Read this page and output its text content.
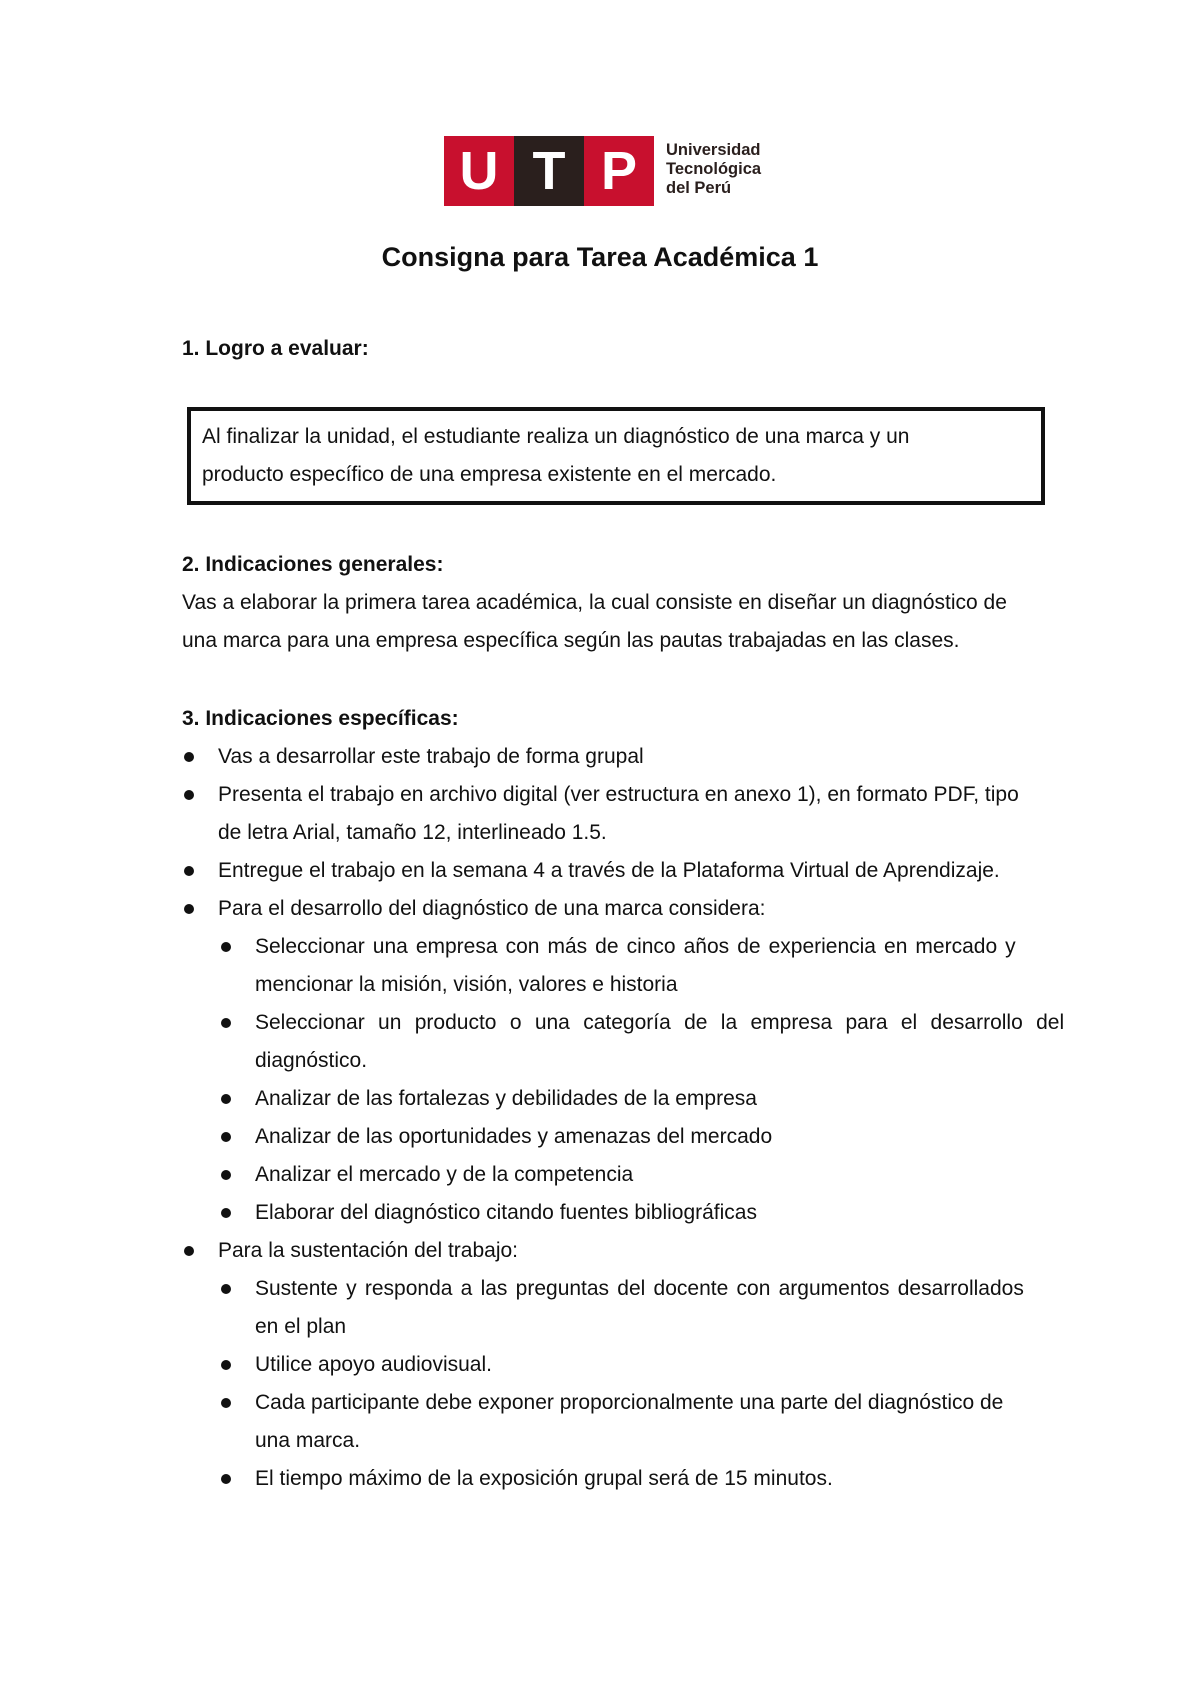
U T P	Universidad
Tecnológica
del Perú
Consigna para Tarea Académica 1
1. Logro a evaluar:
Al finalizar la unidad, el estudiante realiza un diagnóstico de una marca y un
producto específico de una empresa existente en el mercado.
2. Indicaciones generales:
Vas a elaborar la primera tarea académica, la cual consiste en diseñar un diagnóstico de
una marca para una empresa específica según las pautas trabajadas en las clases.
3. Indicaciones específicas:
Vas a desarrollar este trabajo de forma grupal
Presenta el trabajo en archivo digital (ver estructura en anexo 1), en formato PDF, tipo
de letra Arial, tamaño 12, interlineado 1.5.
Entregue el trabajo en la semana 4 a través de la Plataforma Virtual de Aprendizaje.
Para el desarrollo del diagnóstico de una marca considera:
Seleccionar una empresa con más de cinco años de experiencia en mercado y
mencionar la misión, visión, valores e historia
Seleccionar un producto o una categoría de la empresa para el desarrollo del
diagnóstico.
Analizar de las fortalezas y debilidades de la empresa
Analizar de las oportunidades y amenazas del mercado
Analizar el mercado y de la competencia
Elaborar del diagnóstico citando fuentes bibliográficas
Para la sustentación del trabajo:
Sustente y responda a las preguntas del docente con argumentos desarrollados
en el plan
Utilice apoyo audiovisual.
Cada participante debe exponer proporcionalmente una parte del diagnóstico de
una marca.
El tiempo máximo de la exposición grupal será de 15 minutos.
